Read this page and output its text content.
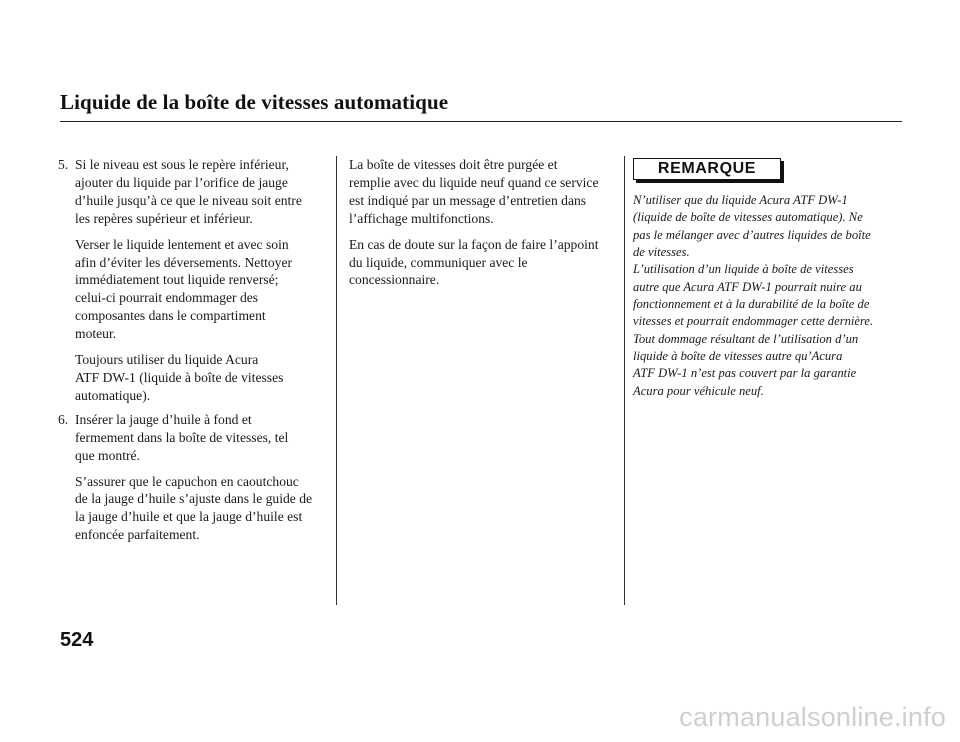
Liquide de la boîte de vitesses automatique
5. Si le niveau est sous le repère inférieur,
ajouter du liquide par l’orifice de jauge
d’huile jusqu’à ce que le niveau soit entre
les repères supérieur et inférieur.
Verser le liquide lentement et avec soin
afin d’éviter les déversements. Nettoyer
immédiatement tout liquide renversé;
celui-ci pourrait endommager des
composantes dans le compartiment
moteur.
Toujours utiliser du liquide Acura
ATF DW-1 (liquide à boîte de vitesses
automatique).
6. Insérer la jauge d’huile à fond et
fermement dans la boîte de vitesses, tel
que montré.
S’assurer que le capuchon en caoutchouc
de la jauge d’huile s’ajuste dans le guide de
la jauge d’huile et que la jauge d’huile est
enfoncée parfaitement.
La boîte de vitesses doit être purgée et
remplie avec du liquide neuf quand ce service
est indiqué par un message d’entretien dans
l’affichage multifonctions.
En cas de doute sur la façon de faire l’appoint
du liquide, communiquer avec le
concessionnaire.
REMARQUE
N’utiliser que du liquide Acura ATF DW-1
(liquide de boîte de vitesses automatique). Ne
pas le mélanger avec d’autres liquides de boîte
de vitesses.
L’utilisation d’un liquide à boîte de vitesses
autre que Acura ATF DW-1 pourrait nuire au
fonctionnement et à la durabilité de la boîte de
vitesses et pourrait endommager cette dernière.
Tout dommage résultant de l’utilisation d’un
liquide à boîte de vitesses autre qu’Acura
ATF DW-1 n’est pas couvert par la garantie
Acura pour véhicule neuf.
524
carmanualsonline.info
